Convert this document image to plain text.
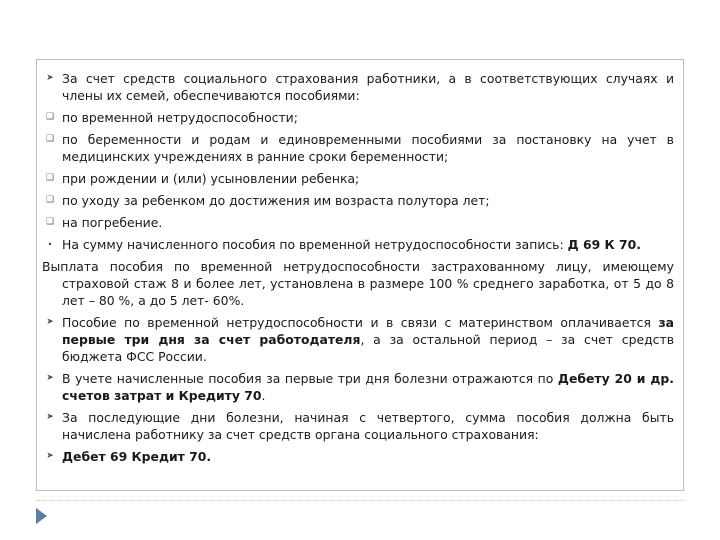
➤ За счет средств социального страхования работники, а в соответствующих случаях и члены их семей, обеспечиваются пособиями:
❑ по временной нетрудоспособности;
❑ по беременности и родам и единовременными пособиями за постановку на учет в медицинских учреждениях в ранние сроки беременности;
❑ при рождении и (или) усыновлении ребенка;
❑ по уходу за ребенком до достижения им возраста полутора лет;
❑ на погребение.
• На сумму начисленного пособия по временной нетрудоспособности запись: Д 69 К 70.
Выплата пособия по временной нетрудоспособности застрахованному лицу, имеющему страховой стаж 8 и более лет, установлена в размере 100 % среднего заработка, от 5 до 8 лет – 80 %, а до 5 лет- 60%.
➤ Пособие по временной нетрудоспособности и в связи с материнством оплачивается за первые три дня за счет работодателя, а за остальной период – за счет средств бюджета ФСС России.
➤ В учете начисленные пособия за первые три дня болезни отражаются по Дебету 20 и др. счетов затрат и Кредиту 70.
➤ За последующие дни болезни, начиная с четвертого, сумма пособия должна быть начислена работнику за счет средств органа социального страхования:
➤ Дебет 69 Кредит 70.
